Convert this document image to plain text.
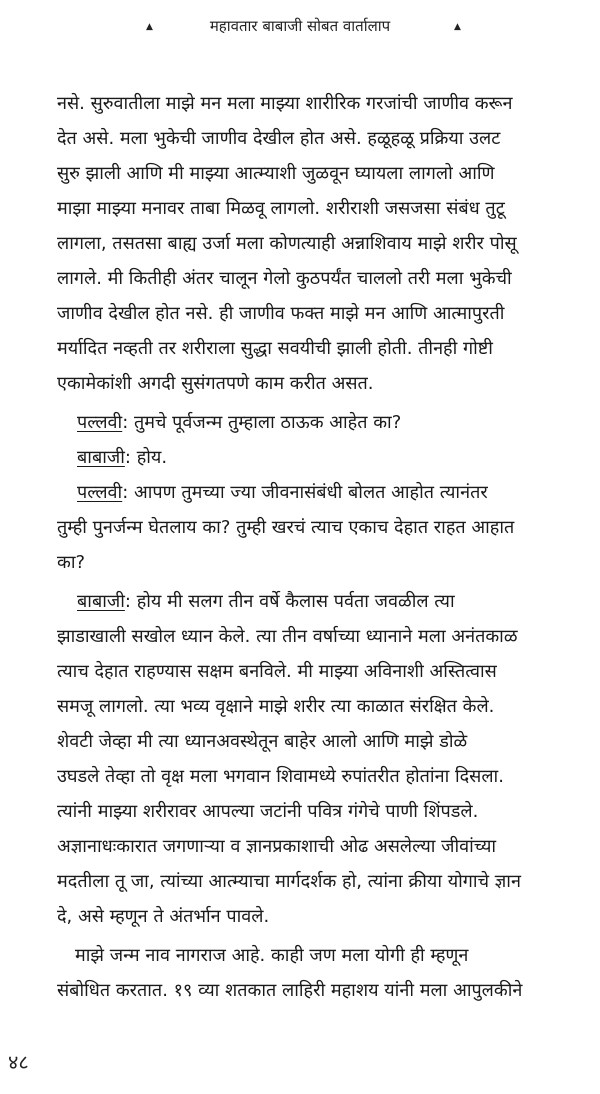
▲	महावतार बाबाजी सोबत वार्तालाप	▲
नसे. सुरुवातीला माझे मन मला माझ्या शारीरिक गरजांची जाणीव करून
देत असे. मला भुकेची जाणीव देखील होत असे. हळूहळू प्रक्रिया उलट
सुरु झाली आणि मी माझ्या आत्म्याशी जुळवून घ्यायला लागलो आणि
माझा माझ्या मनावर ताबा मिळवू लागलो. शरीराशी जसजसा संबंध तुटू
लागला, तसतसा बाह्य उर्जा मला कोणत्याही अन्नाशिवाय माझे शरीर पोसू
लागले. मी कितीही अंतर चालून गेलो कुठपर्यंत चाललो तरी मला भुकेची
जाणीव देखील होत नसे. ही जाणीव फक्त माझे मन आणि आत्मापुरती
मर्यादित नव्हती तर शरीराला सुद्धा सवयीची झाली होती. तीनही गोष्टी
एकामेकांशी अगदी सुसंगतपणे काम करीत असत.
पल्लवी: तुमचे पूर्वजन्म तुम्हाला ठाऊक आहेत का?
बाबाजी: होय.
पल्लवी: आपण तुमच्या ज्या जीवनासंबंधी बोलत आहोत त्यानंतर
तुम्ही पुनर्जन्म घेतलाय का? तुम्ही खरचं त्याच एकाच देहात राहत आहात
का?
बाबाजी: होय मी सलग तीन वर्षे कैलास पर्वता जवळील त्या
झाडाखाली सखोल ध्यान केले. त्या तीन वर्षाच्या ध्यानाने मला अनंतकाळ
त्याच देहात राहण्यास सक्षम बनविले. मी माझ्या अविनाशी अस्तित्वास
समजू लागलो. त्या भव्य वृक्षाने माझे शरीर त्या काळात संरक्षित केले.
शेवटी जेव्हा मी त्या ध्यानअवस्थेतून बाहेर आलो आणि माझे डोळे
उघडले तेव्हा तो वृक्ष मला भगवान शिवामध्ये रुपांतरीत होतांना दिसला.
त्यांनी माझ्या शरीरावर आपल्या जटांनी पवित्र गंगेचे पाणी शिंपडले.
अज्ञानाधःकारात जगणाऱ्या व ज्ञानप्रकाशाची ओढ असलेल्या जीवांच्या
मदतीला तू जा, त्यांच्या आत्म्याचा मार्गदर्शक हो, त्यांना क्रीया योगाचे ज्ञान
दे, असे म्हणून ते अंतर्भान पावले.
माझे जन्म नाव नागराज आहे. काही जण मला योगी ही म्हणून
संबोधित करतात. १९ व्या शतकात लाहिरी महाशय यांनी मला आपुलकीने
४८
